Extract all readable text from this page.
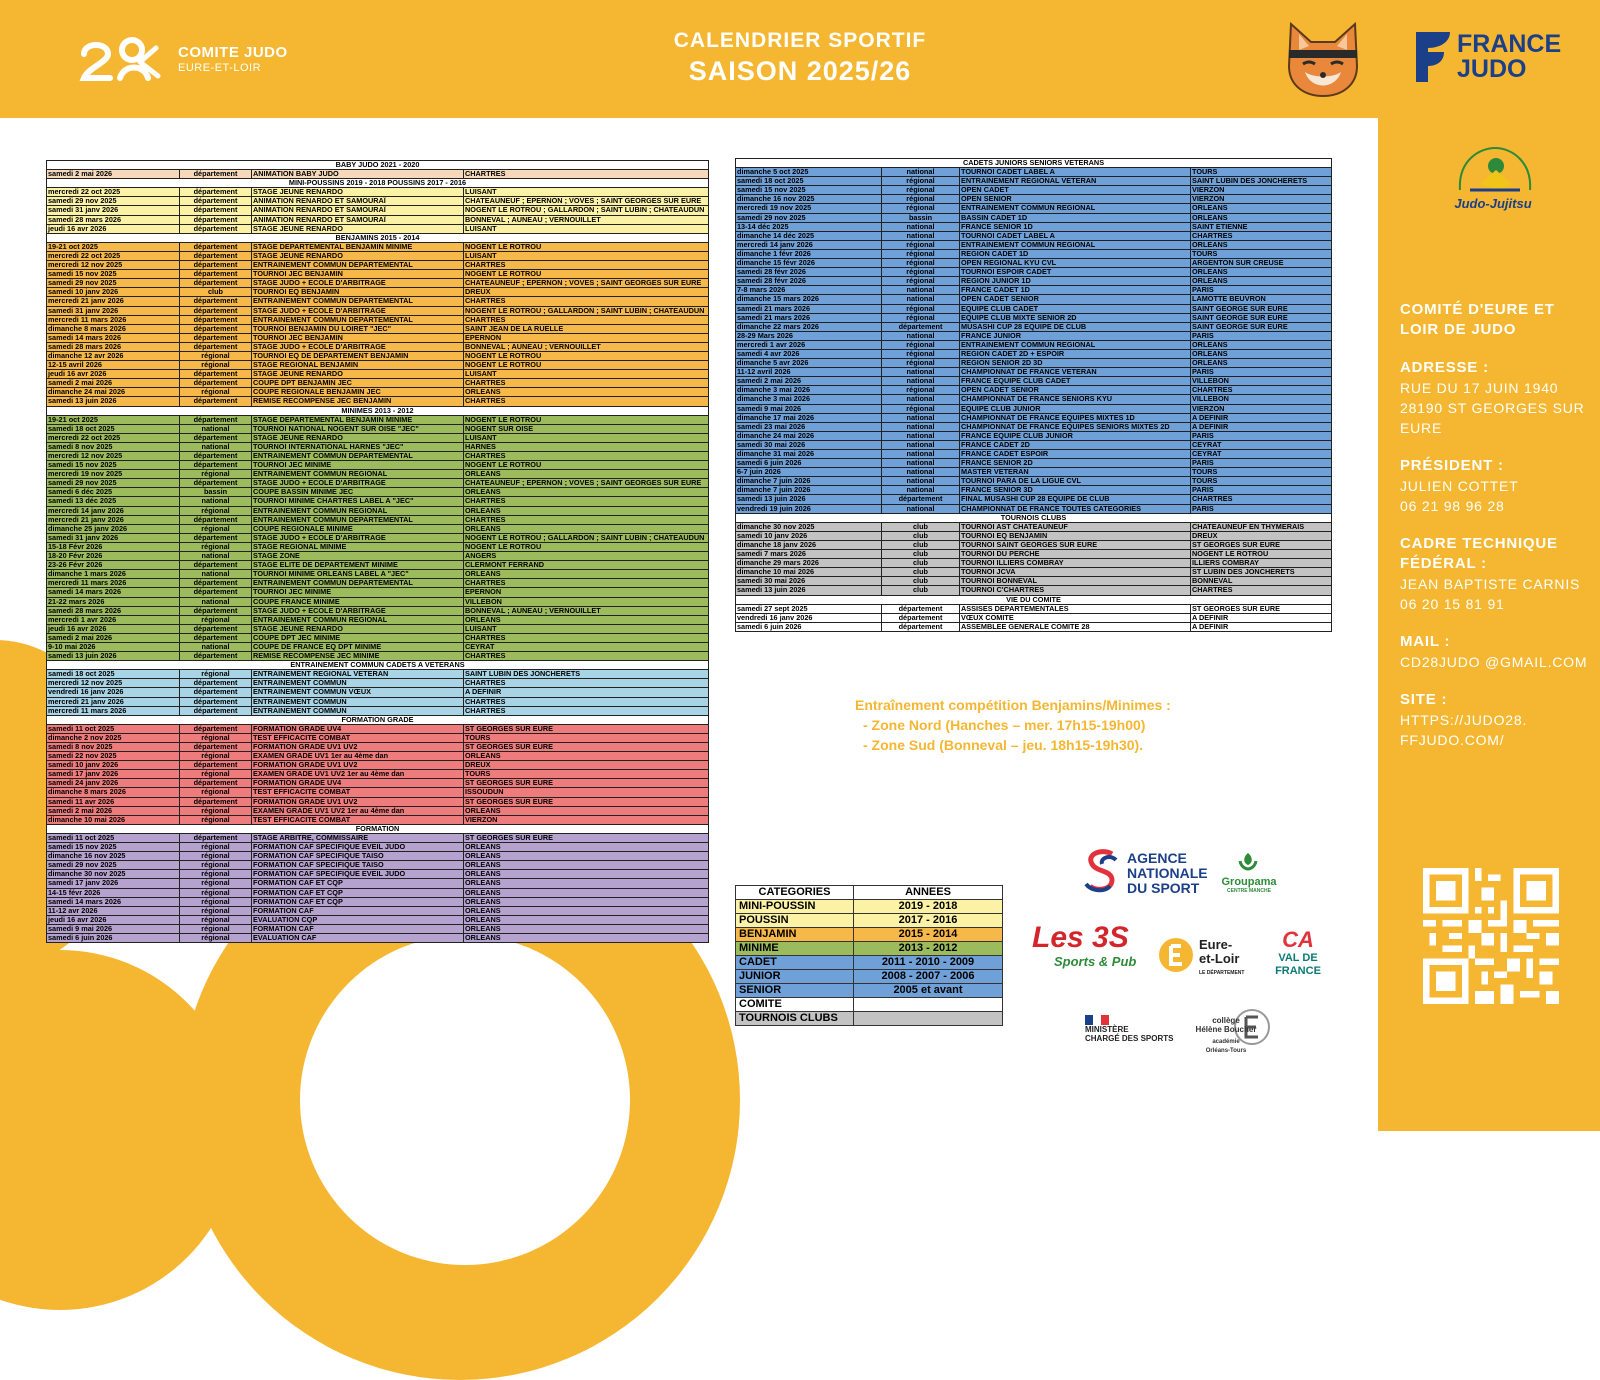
COMITE JUDO
EURE-ET-LOIR
CALENDRIER SPORTIF
SAISON 2025/26
FRANCE
JUDO
Judo-Jujitsu
COMITÉ D'EURE ET LOIR DE JUDO
ADRESSE :
RUE DU 17 JUIN 1940 28190 ST GEORGES SUR EURE
PRÉSIDENT :
JULIEN COTTET
06 21 98 96 28
CADRE TECHNIQUE FÉDÉRAL :
JEAN BAPTISTE CARNIS
06 20 15 81 91
MAIL :
CD28JUDO @GMAIL.COM
SITE :
HTTPS://JUDO28. FFJUDO.COM/
BABY JUDO 2021 - 2020			
samedi 2 mai 2026	département	ANIMATION BABY JUDO	CHARTRES
MINI-POUSSINS 2019 - 2018 POUSSINS 2017 - 2016			
mercredi 22 oct 2025	département	STAGE JEUNE RENARDO	LUISANT
samedi 29 nov 2025	département	ANIMATION RENARDO ET SAMOURAÏ	CHATEAUNEUF ; EPERNON ; VOVES ; SAINT GEORGES SUR EURE
samedi 31 janv 2026	département	ANIMATION RENARDO ET SAMOURAÏ	NOGENT LE ROTROU ; GALLARDON ; SAINT LUBIN ; CHATEAUDUN
samedi 28 mars 2026	département	ANIMATION RENARDO ET SAMOURAÏ	BONNEVAL ; AUNEAU ; VERNOUILLET
jeudi 16 avr 2026	département	STAGE JEUNE RENARDO	LUISANT
BENJAMINS 2015 - 2014			
19-21 oct 2025	département	STAGE DEPARTEMENTAL BENJAMIN MINIME	NOGENT LE ROTROU
mercredi 22 oct 2025	département	STAGE JEUNE RENARDO	LUISANT
mercredi 12 nov 2025	département	ENTRAINEMENT COMMUN DEPARTEMENTAL	CHARTRES
samedi 15 nov 2025	département	TOURNOI JEC BENJAMIN	NOGENT LE ROTROU
samedi 29 nov 2025	département	STAGE JUDO + ECOLE D'ARBITRAGE	CHATEAUNEUF ; EPERNON ; VOVES ; SAINT GEORGES SUR EURE
samedi 10 janv 2026	club	TOURNOI EQ BENJAMIN	DREUX
mercredi 21 janv 2026	département	ENTRAINEMENT COMMUN DEPARTEMENTAL	CHARTRES
samedi 31 janv 2026	département	STAGE JUDO + ECOLE D'ARBITRAGE	NOGENT LE ROTROU ; GALLARDON ; SAINT LUBIN ; CHATEAUDUN
mercredi 11 mars 2026	département	ENTRAINEMENT COMMUN DEPARTEMENTAL	CHARTRES
dimanche 8 mars 2026	département	TOURNOI BENJAMIN DU LOIRET "JEC"	SAINT JEAN DE LA RUELLE
samedi 14 mars 2026	département	TOURNOI JEC BENJAMIN	EPERNON
samedi 28 mars 2026	département	STAGE JUDO + ECOLE D'ARBITRAGE	BONNEVAL ; AUNEAU ; VERNOUILLET
dimanche 12 avr 2026	régional	TOURNOI EQ DE DEPARTEMENT BENJAMIN	NOGENT LE ROTROU
12-15 avril 2026	régional	STAGE REGIONAL BENJAMIN	NOGENT LE ROTROU
jeudi 16 avr 2026	département	STAGE JEUNE RENARDO	LUISANT
samedi 2 mai 2026	département	COUPE DPT BENJAMIN JEC	CHARTRES
dimanche 24 mai 2026	régional	COUPE REGIONALE BENJAMIN JEC	ORLEANS
samedi 13 juin 2026	département	REMISE RECOMPENSE JEC BENJAMIN	CHARTRES
MINIMES 2013 - 2012			
19-21 oct 2025	département	STAGE DEPARTEMENTAL BENJAMIN MINIME	NOGENT LE ROTROU
samedi 18 oct 2025	national	TOURNOI NATIONAL NOGENT SUR OISE "JEC"	NOGENT SUR OISE
mercredi 22 oct 2025	département	STAGE JEUNE RENARDO	LUISANT
samedi 8 nov 2025	national	TOURNOI INTERNATIONAL HARNES "JEC"	HARNES
mercredi 12 nov 2025	département	ENTRAINEMENT COMMUN DEPARTEMENTAL	CHARTRES
samedi 15 nov 2025	département	TOURNOI JEC MINIME	NOGENT LE ROTROU
mercredi 19 nov 2025	régional	ENTRAINEMENT COMMUN REGIONAL	ORLEANS
samedi 29 nov 2025	département	STAGE JUDO + ECOLE D'ARBITRAGE	CHATEAUNEUF ; EPERNON ; VOVES ; SAINT GEORGES SUR EURE
samedi 6 déc 2025	bassin	COUPE BASSIN MINIME JEC	ORLEANS
samedi 13 déc 2025	national	TOURNOI MINIME CHARTRES LABEL A "JEC"	CHARTRES
mercredi 14 janv 2026	régional	ENTRAINEMENT COMMUN REGIONAL	ORLEANS
mercredi 21 janv 2026	département	ENTRAINEMENT COMMUN DEPARTEMENTAL	CHARTRES
dimanche 25 janv 2026	régional	COUPE REGIONALE MINIME	ORLEANS
samedi 31 janv 2026	département	STAGE JUDO + ECOLE D'ARBITRAGE	NOGENT LE ROTROU ; GALLARDON ; SAINT LUBIN ; CHATEAUDUN
15-18 Févr 2026	régional	STAGE REGIONAL MINIME	NOGENT LE ROTROU
18-20 Févr 2026	national	STAGE ZONE	ANGERS
23-26 Févr 2026	département	STAGE ELITE DE DEPARTEMENT MINIME	CLERMONT FERRAND
dimanche 1 mars 2026	national	TOURNOI MINIME ORLEANS LABEL A "JEC"	ORLEANS
mercredi 11 mars 2026	département	ENTRAINEMENT COMMUN DEPARTEMENTAL	CHARTRES
samedi 14 mars 2026	département	TOURNOI JEC MINIME	EPERNON
21-22 mars 2026	national	COUPE FRANCE MINIME	VILLEBON
samedi 28 mars 2026	département	STAGE JUDO + ECOLE D'ARBITRAGE	BONNEVAL ; AUNEAU ; VERNOUILLET
mercredi 1 avr 2026	régional	ENTRAINEMENT COMMUN REGIONAL	ORLEANS
jeudi 16 avr 2026	département	STAGE JEUNE RENARDO	LUISANT
samedi 2 mai 2026	département	COUPE DPT JEC MINIME	CHARTRES
9-10 mai 2026	national	COUPE DE FRANCE EQ DPT MINIME	CEYRAT
samedi 13 juin 2026	département	REMISE RECOMPENSE JEC MINIME	CHARTRES
ENTRAINEMENT COMMUN CADETS A VETERANS			
samedi 18 oct 2025	régional	ENTRAINEMENT REGIONAL VETERAN	SAINT LUBIN DES JONCHERETS
mercredi 12 nov 2025	département	ENTRAINEMENT COMMUN	CHARTRES
vendredi 16 janv 2026	département	ENTRAINEMENT COMMUN VŒUX	A DEFINIR
mercredi 21 janv 2026	département	ENTRAINEMENT COMMUN	CHARTRES
mercredi 11 mars 2026	département	ENTRAINEMENT COMMUN	CHARTRES
FORMATION GRADE			
samedi 11 oct 2025	département	FORMATION GRADE UV4	ST GEORGES SUR EURE
dimanche 2 nov 2025	régional	TEST EFFICACITE COMBAT	TOURS
samedi 8 nov 2025	département	FORMATION GRADE UV1 UV2	ST GEORGES SUR EURE
samedi 22 nov 2025	régional	EXAMEN GRADE UV1 1er au 4ème dan	ORLEANS
samedi 10 janv 2026	département	FORMATION GRADE UV1 UV2	DREUX
samedi 17 janv 2026	régional	EXAMEN GRADE UV1 UV2 1er au 4ème dan	TOURS
samedi 24 janv 2026	département	FORMATION GRADE UV4	ST GEORGES SUR EURE
dimanche 8 mars 2026	régional	TEST EFFICACITE COMBAT	ISSOUDUN
samedi 11 avr 2026	département	FORMATION GRADE UV1 UV2	ST GEORGES SUR EURE
samedi 2 mai 2026	régional	EXAMEN GRADE UV1 UV2 1er au 4ème dan	ORLEANS
dimanche 10 mai 2026	régional	TEST EFFICACITE COMBAT	VIERZON
FORMATION			
samedi 11 oct 2025	département	STAGE ARBITRE, COMMISSAIRE	ST GEORGES SUR EURE
samedi 15 nov 2025	régional	FORMATION CAF SPECIFIQUE EVEIL JUDO	ORLEANS
dimanche 16 nov 2025	régional	FORMATION CAF SPECIFIQUE TAISO	ORLEANS
samedi 29 nov 2025	régional	FORMATION CAF SPECIFIQUE TAISO	ORLEANS
dimanche 30 nov 2025	régional	FORMATION CAF SPECIFIQUE EVEIL JUDO	ORLEANS
samedi 17 janv 2026	régional	FORMATION CAF ET CQP	ORLEANS
14-15 févr 2026	régional	FORMATION CAF ET CQP	ORLEANS
samedi 14 mars 2026	régional	FORMATION CAF ET CQP	ORLEANS
11-12 avr 2026	régional	FORMATION CAF	ORLEANS
jeudi 16 avr 2026	régional	EVALUATION CQP	ORLEANS
samedi 9 mai 2026	régional	FORMATION CAF	ORLEANS
samedi 6 juin 2026	régional	EVALUATION CAF	ORLEANS
CADETS JUNIORS SENIORS VETERANS			
dimanche 5 oct 2025	national	TOURNOI CADET LABEL A	TOURS
samedi 18 oct 2025	régional	ENTRAINEMENT REGIONAL VETERAN	SAINT LUBIN DES JONCHERETS
samedi 15 nov 2025	régional	OPEN CADET	VIERZON
dimanche 16 nov 2025	régional	OPEN SENIOR	VIERZON
mercredi 19 nov 2025	régional	ENTRAINEMENT COMMUN REGIONAL	ORLEANS
samedi 29 nov 2025	bassin	BASSIN CADET 1D	ORLEANS
13-14 déc 2025	national	FRANCE SENIOR 1D	SAINT ETIENNE
dimanche 14 déc 2025	national	TOURNOI CADET LABEL A	CHARTRES
mercredi 14 janv 2026	régional	ENTRAINEMENT COMMUN REGIONAL	ORLEANS
dimanche 1 févr 2026	régional	REGION CADET 1D	TOURS
dimanche 15 févr 2026	régional	OPEN REGIONAL KYU CVL	ARGENTON SUR CREUSE
samedi 28 févr 2026	régional	TOURNOI ESPOIR CADET	ORLEANS
samedi 28 févr 2026	régional	REGION JUNIOR 1D	ORLEANS
7-8 mars 2026	national	FRANCE CADET 1D	PARIS
dimanche 15 mars 2026	national	OPEN CADET SENIOR	LAMOTTE BEUVRON
samedi 21 mars 2026	régional	EQUIPE CLUB CADET	SAINT GEORGE SUR EURE
samedi 21 mars 2026	régional	EQUIPE CLUB MIXTE SENIOR 2D	SAINT GEORGE SUR EURE
dimanche 22 mars 2026	département	MUSASHI CUP 28 EQUIPE DE CLUB	SAINT GEORGE SUR EURE
28-29 Mars 2026	national	FRANCE JUNIOR	PARIS
mercredi 1 avr 2026	régional	ENTRAINEMENT COMMUN REGIONAL	ORLEANS
samedi 4 avr 2026	régional	REGION CADET 2D + ESPOIR	ORLEANS
dimanche 5 avr 2026	régional	REGION SENIOR 2D 3D	ORLEANS
11-12 avril 2026	national	CHAMPIONNAT DE FRANCE VETERAN	PARIS
samedi 2 mai 2026	national	FRANCE EQUIPE CLUB CADET	VILLEBON
dimanche 3 mai 2026	régional	OPEN CADET SENIOR	CHARTRES
dimanche 3 mai 2026	national	CHAMPIONNAT DE FRANCE SENIORS KYU	VILLEBON
samedi 9 mai 2026	régional	EQUIPE CLUB JUNIOR	VIERZON
dimanche 17 mai 2026	national	CHAMPIONNAT DE FRANCE EQUIPES MIXTES 1D	A DEFINIR
samedi 23 mai 2026	national	CHAMPIONNAT DE FRANCE EQUIPES SENIORS MIXTES 2D	A DEFINIR
dimanche 24 mai 2026	national	FRANCE EQUIPE CLUB JUNIOR	PARIS
samedi 30 mai 2026	national	FRANCE CADET 2D	CEYRAT
dimanche 31 mai 2026	national	FRANCE CADET ESPOIR	CEYRAT
samedi 6 juin 2026	national	FRANCE SENIOR 2D	PARIS
6-7 juin 2026	national	MASTER VETERAN	TOURS
dimanche 7 juin 2026	national	TOURNOI PARA DE LA LIGUE CVL	TOURS
dimanche 7 juin 2026	national	FRANCE SENIOR 3D	PARIS
samedi 13 juin 2026	département	FINAL MUSASHI CUP 28 EQUIPE DE CLUB	CHARTRES
vendredi 19 juin 2026	national	CHAMPIONNAT DE FRANCE TOUTES CATEGORIES	PARIS
TOURNOIS CLUBS			
dimanche 30 nov 2025	club	TOURNOI AST CHATEAUNEUF	CHATEAUNEUF EN THYMERAIS
samedi 10 janv 2026	club	TOURNOI EQ BENJAMIN	DREUX
dimanche 18 janv 2026	club	TOURNOI SAINT GEORGES SUR EURE	ST GEORGES SUR EURE
samedi 7 mars 2026	club	TOURNOI DU PERCHE	NOGENT LE ROTROU
dimanche 29 mars 2026	club	TOURNOI ILLIERS COMBRAY	ILLIERS COMBRAY
dimanche 10 mai 2026	club	TOURNOI JCVA	ST LUBIN DES JONCHERETS
samedi 30 mai 2026	club	TOURNOI BONNEVAL	BONNEVAL
samedi 13 juin 2026	club	TOURNOI C'CHARTRES	CHARTRES
VIE DU COMITE			
samedi 27 sept 2025	département	ASSISES DEPARTEMENTALES	ST GEORGES SUR EURE
vendredi 16 janv 2026	département	VŒUX COMITE	A DEFINIR
samedi 6 juin 2026	département	ASSEMBLEE GENERALE COMITE 28	A DEFINIR
Entraînement compétition Benjamins/Minimes :
- Zone Nord (Hanches – mer. 17h15-19h00)
- Zone Sud (Bonneval – jeu. 18h15-19h30).
CATEGORIES	ANNEES
MINI-POUSSIN	2019 - 2018
POUSSIN	2017 - 2016
BENJAMIN	2015 - 2014
MINIME	2013 - 2012
CADET	2011 - 2010 - 2009
JUNIOR	2008 - 2007 - 2006
SENIOR	2005 et avant
COMITE	
TOURNOIS CLUBS	
AGENCE
NATIONALE
DU SPORT	Groupama
CENTRE MANCHE
Les 3S
Sports & Pub
Eure-
et-Loir
LE DÉPARTEMENT
CA
VAL DE
FRANCE
MINISTÈRE
CHARGÉ DES SPORTS
collège
Hélène Boucher
académie
Orléans-Tours
